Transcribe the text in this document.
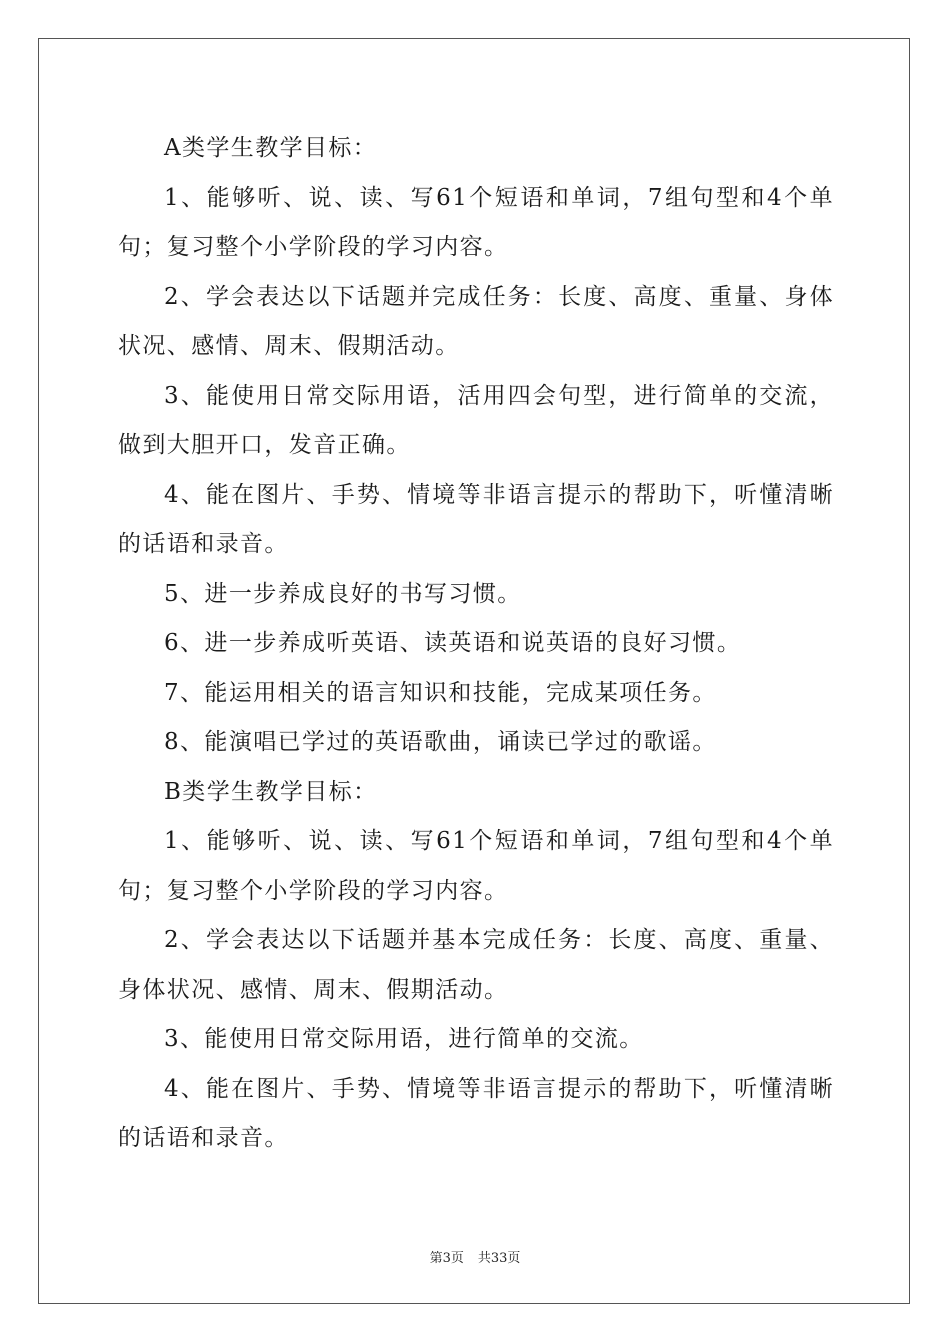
A类学生教学目标：

1、能够听、说、读、写61个短语和单词，7组句型和4个单句；复习整个小学阶段的学习内容。

2、学会表达以下话题并完成任务：长度、高度、重量、身体状况、感情、周末、假期活动。

3、能使用日常交际用语，活用四会句型，进行简单的交流，做到大胆开口，发音正确。

4、能在图片、手势、情境等非语言提示的帮助下，听懂清晰的话语和录音。

5、进一步养成良好的书写习惯。

6、进一步养成听英语、读英语和说英语的良好习惯。

7、能运用相关的语言知识和技能，完成某项任务。

8、能演唱已学过的英语歌曲，诵读已学过的歌谣。

B类学生教学目标：

1、能够听、说、读、写61个短语和单词，7组句型和4个单句；复习整个小学阶段的学习内容。

2、学会表达以下话题并基本完成任务：长度、高度、重量、身体状况、感情、周末、假期活动。

3、能使用日常交际用语，进行简单的交流。

4、能在图片、手势、情境等非语言提示的帮助下，听懂清晰的话语和录音。

第3页 共33页
